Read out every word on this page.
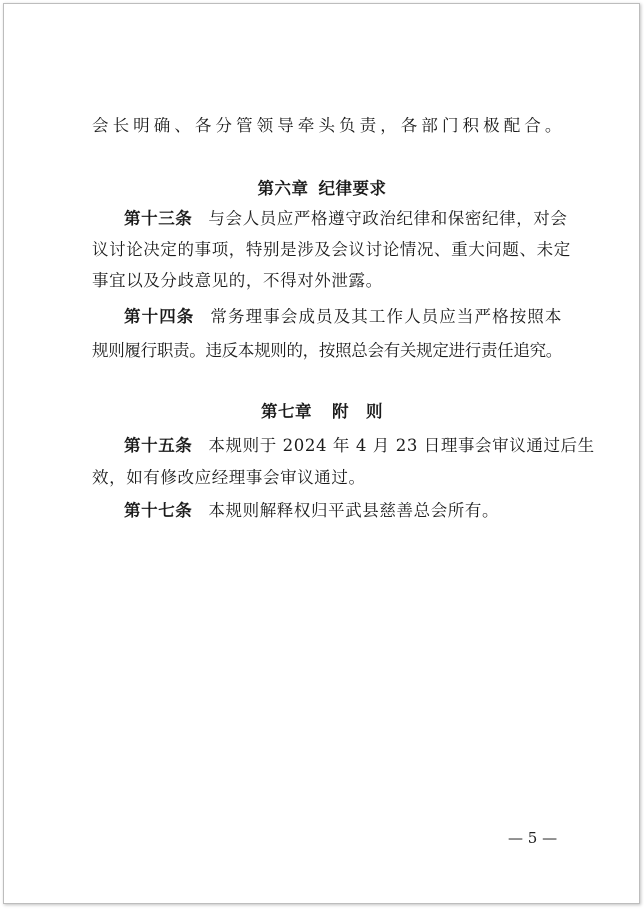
会长明确、各分管领导牵头负责，各部门积极配合。
第六章 纪律要求
第十三条 与会人员应严格遵守政治纪律和保密纪律，对会
议讨论决定的事项，特别是涉及会议讨论情况、重大问题、未定
事宜以及分歧意见的，不得对外泄露。
第十四条 常务理事会成员及其工作人员应当严格按照本
规则履行职责。违反本规则的，按照总会有关规定进行责任追究。
第七章 附　则
第十五条 本规则于 2024 年 4 月 23 日理事会审议通过后生
效，如有修改应经理事会审议通过。
第十七条 本规则解释权归平武县慈善总会所有。
— 5 —
